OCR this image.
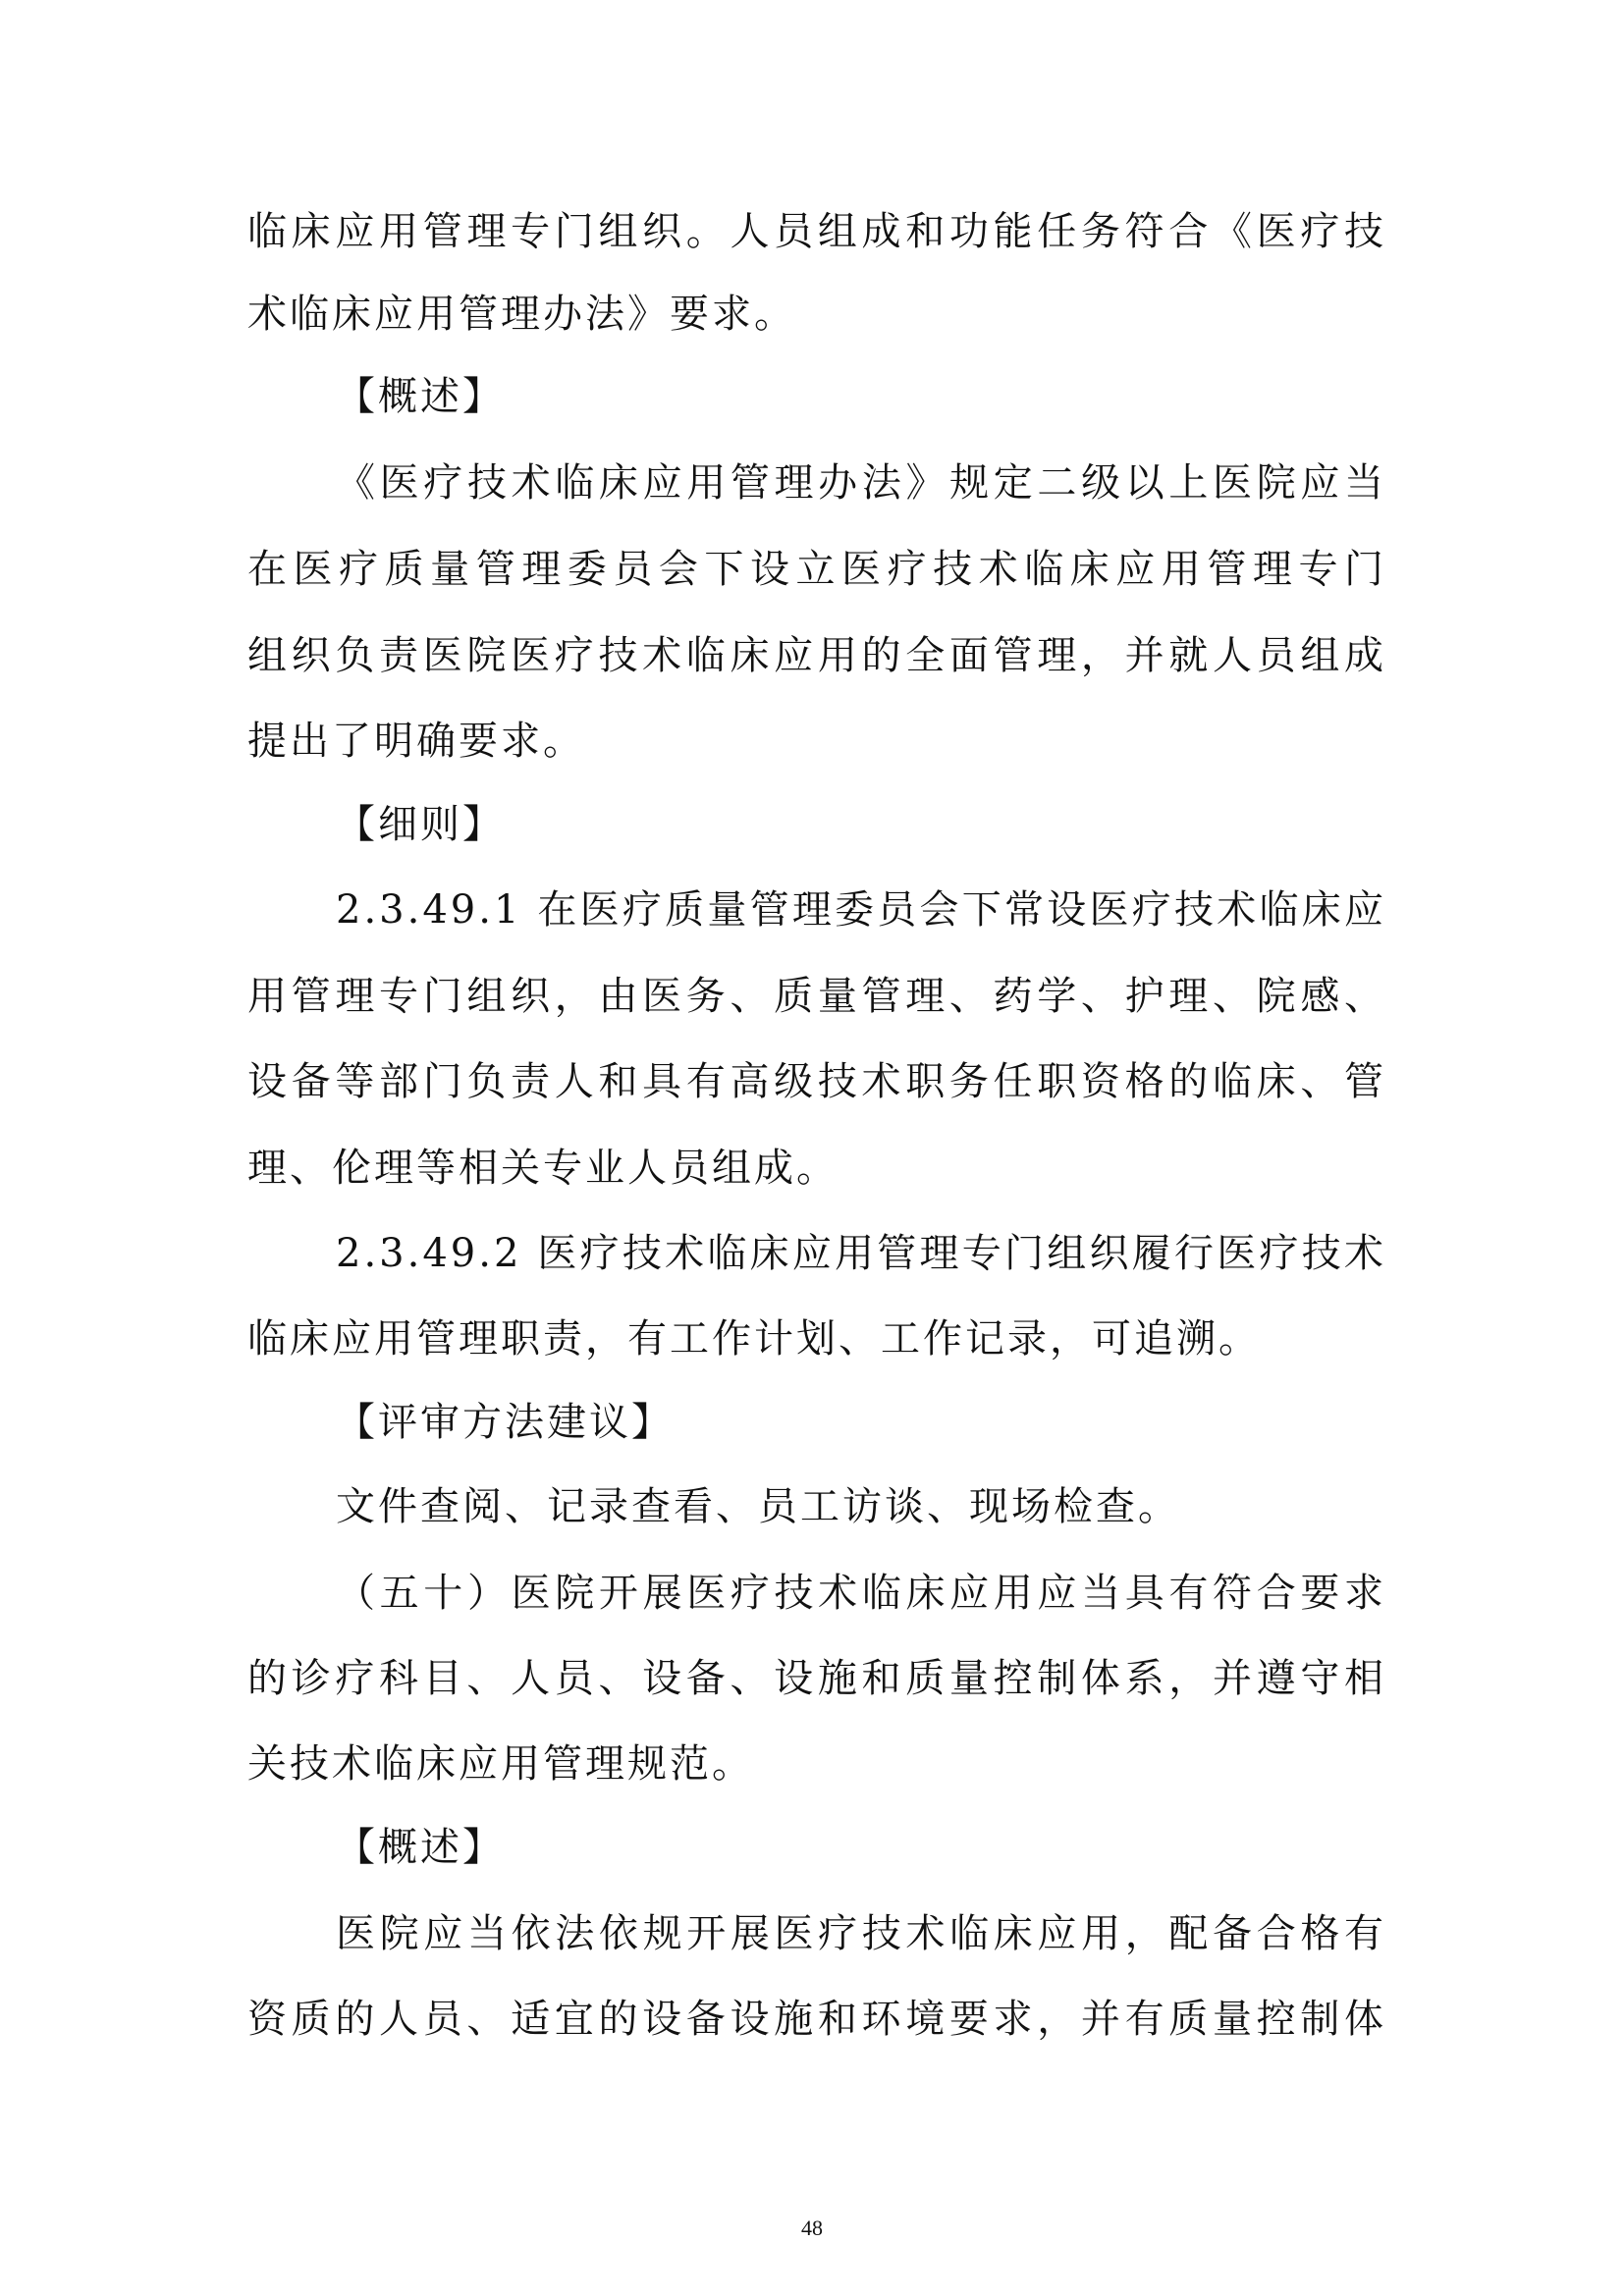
临床应用管理专门组织。人员组成和功能任务符合《医疗技
术临床应用管理办法》要求。
【概述】
《医疗技术临床应用管理办法》规定二级以上医院应当
在医疗质量管理委员会下设立医疗技术临床应用管理专门
组织负责医院医疗技术临床应用的全面管理，并就人员组成
提出了明确要求。
【细则】
2.3.49.1 在医疗质量管理委员会下常设医疗技术临床应
用管理专门组织，由医务、质量管理、药学、护理、院感、
设备等部门负责人和具有高级技术职务任职资格的临床、管
理、伦理等相关专业人员组成。
2.3.49.2 医疗技术临床应用管理专门组织履行医疗技术
临床应用管理职责，有工作计划、工作记录，可追溯。
【评审方法建议】
文件查阅、记录查看、员工访谈、现场检查。
（五十）医院开展医疗技术临床应用应当具有符合要求
的诊疗科目、人员、设备、设施和质量控制体系，并遵守相
关技术临床应用管理规范。
【概述】
医院应当依法依规开展医疗技术临床应用，配备合格有
资质的人员、适宜的设备设施和环境要求，并有质量控制体
48
